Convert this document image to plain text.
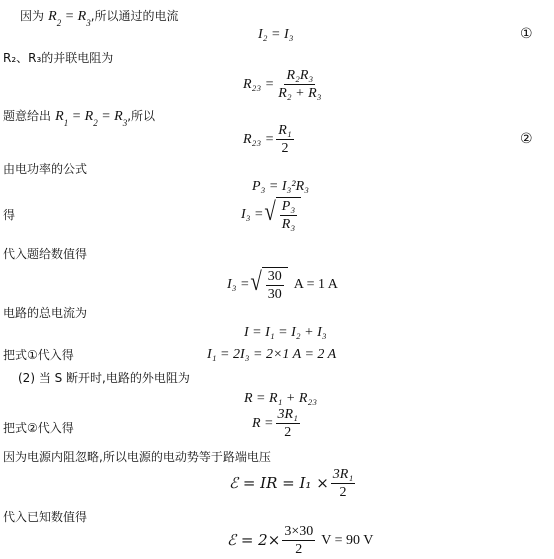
因为 $R_2 = R_3$,所以通过的电流
I₂ = I₃	①
R₂、R₃的并联电阻为
$R_{23} = \frac{\text{R₂R₃}}{\text{R₂ + R₃}}$
题意给出 $R_1 = R_2 = R_3$,所以
$R_{23} = \frac{\text{R₁}}{2}$	②
由电功率的公式
P₃ = I₃²R₃
得	I₃ = √ $\frac{\text{P₃}}{\text{R₃}}$
代入题给数值得
I₃ = √ $\frac{30}{30}$ A = 1 A
电路的总电流为
I = I₁ = I₂ + I₃
把式①代入得	I₁ = 2I₃ = 2×1 A = 2 A
(2) 当 S 断开时,电路的外电阻为
R = R₁ + R₂₃
把式②代入得	$R = \frac{\text{3R₁}}{2}$
因为电源内阻忽略,所以电源的电动势等于路端电压
ℰ = IR = $I_1 \times \frac{\text{3R₁}}{2}$
代入已知数值得
ℰ = $2\times \frac{3\times 30}{2}$ V = 90 V
